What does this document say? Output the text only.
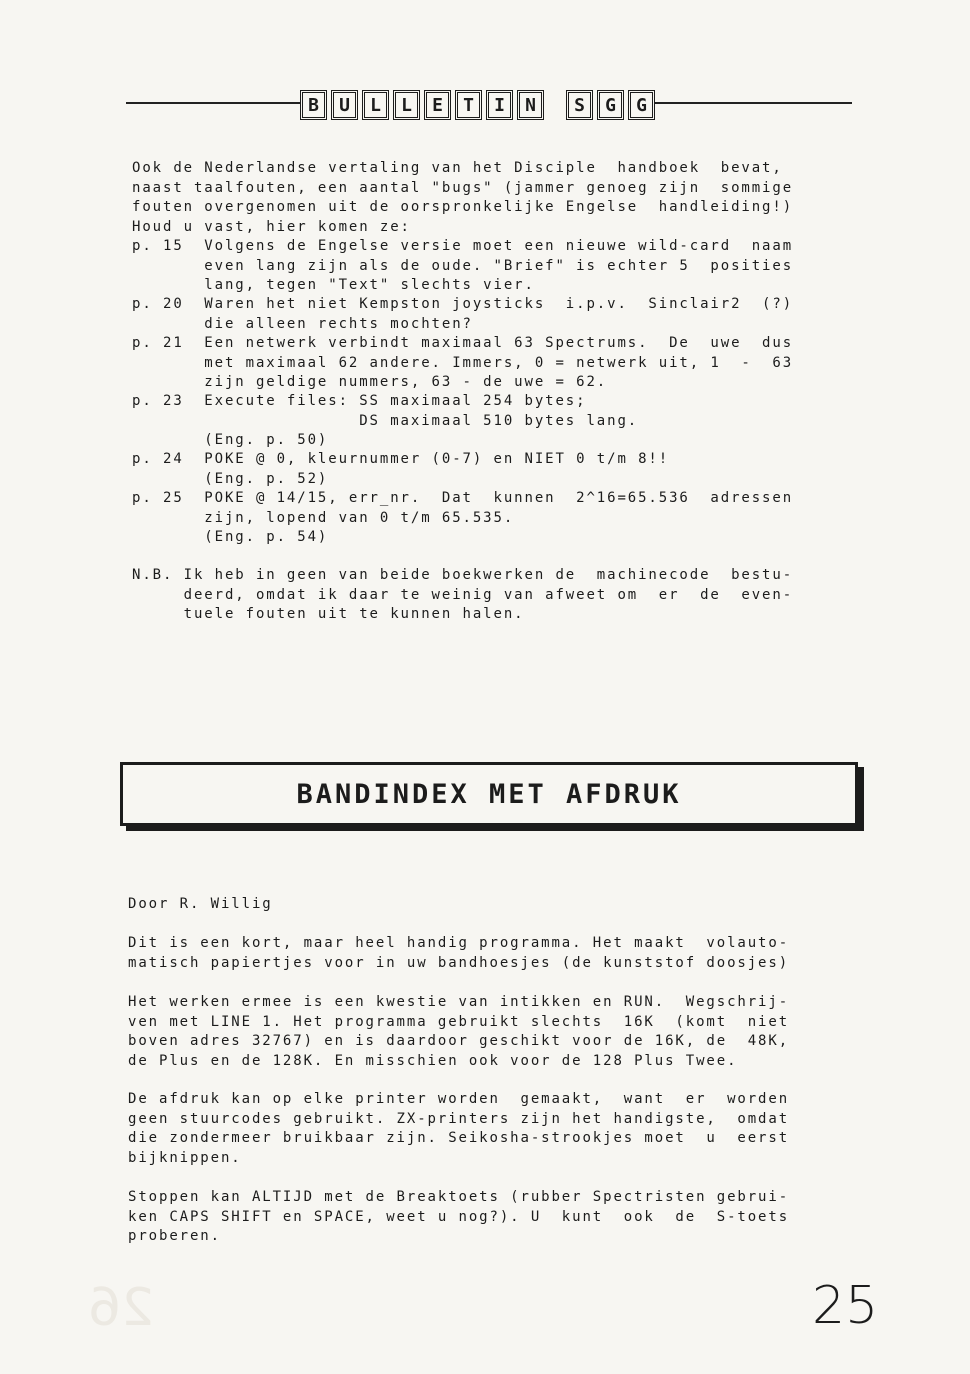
B	U	L	L	E	T	I	N	S	G	G
Ook de Nederlandse vertaling van het Disciple  handboek  bevat,
naast taalfouten, een aantal "bugs" (jammer genoeg zijn  sommige
fouten overgenomen uit de oorspronkelijke Engelse  handleiding!)
Houd u vast, hier komen ze:
p. 15  Volgens de Engelse versie moet een nieuwe wild-card  naam
even lang zijn als de oude. "Brief" is echter 5  posities
lang, tegen "Text" slechts vier.
p. 20  Waren het niet Kempston joysticks  i.p.v.  Sinclair2  (?)
die alleen rechts mochten?
p. 21  Een netwerk verbindt maximaal 63 Spectrums.  De  uwe  dus
met maximaal 62 andere. Immers, 0 = netwerk uit, 1  -  63
zijn geldige nummers, 63 - de uwe = 62.
p. 23  Execute files: SS maximaal 254 bytes;
DS maximaal 510 bytes lang.
(Eng. p. 50)
p. 24  POKE @ 0, kleurnummer (0-7) en NIET 0 t/m 8!!
(Eng. p. 52)
p. 25  POKE @ 14/15, err_nr.  Dat  kunnen  2^16=65.536  adressen
zijn, lopend van 0 t/m 65.535.
(Eng. p. 54)
N.B. Ik heb in geen van beide boekwerken de  machinecode  bestu-
deerd, omdat ik daar te weinig van afweet om  er  de  even-
tuele fouten uit te kunnen halen.
BANDINDEX MET AFDRUK
Door R. Willig
Dit is een kort, maar heel handig programma. Het maakt  volauto-
matisch papiertjes voor in uw bandhoesjes (de kunststof doosjes)
Het werken ermee is een kwestie van intikken en RUN.  Wegschrij-
ven met LINE 1. Het programma gebruikt slechts  16K  (komt  niet
boven adres 32767) en is daardoor geschikt voor de 16K, de  48K,
de Plus en de 128K. En misschien ook voor de 128 Plus Twee.
De afdruk kan op elke printer worden  gemaakt,  want  er  worden
geen stuurcodes gebruikt. ZX-printers zijn het handigste,  omdat
die zondermeer bruikbaar zijn. Seikosha-strookjes moet  u  eerst
bijknippen.
Stoppen kan ALTIJD met de Breaktoets (rubber Spectristen gebrui-
ken CAPS SHIFT en SPACE, weet u nog?). U  kunt  ook  de  S-toets
proberen.
26	25
